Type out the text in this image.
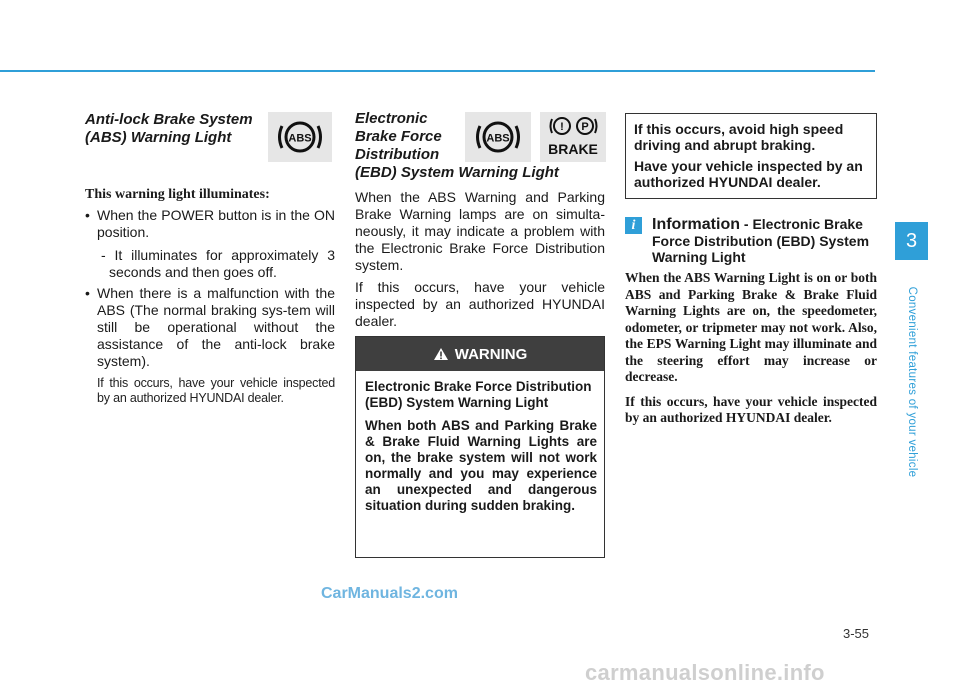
Anti-lock Brake System
(ABS) Warning Light

This warning light illuminates:

• When the POWER button is in the ON position.

- It illuminates for approximately 3 seconds and then goes off.

• When there is a malfunction with the ABS (The normal braking sys-tem will still be operational without the assistance of the anti-lock brake system).

If this occurs, have your vehicle inspected by an authorized HYUNDAI dealer.

ABS

Electronic
Brake Force
Distribution
(EBD) System Warning Light

When the ABS Warning and Parking Brake Warning lamps are on simulta-neously, it may indicate a problem with the Electronic Brake Force Distribution system.

If this occurs, have your vehicle inspected by an authorized HYUNDAI dealer.

ABS
! P
BRAKE
WARNING

Electronic Brake Force Distribution (EBD) System Warning Light

When both ABS and Parking Brake & Brake Fluid Warning Lights are on, the brake system will not work normally and you may experience an unexpected and dangerous situation during sudden braking.

If this occurs, avoid high speed driving and abrupt braking.

Have your vehicle inspected by an authorized HYUNDAI dealer.

i	Information - Electronic Brake Force Distribution (EBD) System Warning Light

When the ABS Warning Light is on or both ABS and Parking Brake & Brake Fluid Warning Lights are on, the speedometer, odometer, or tripmeter may not work. Also, the EPS Warning Light may illuminate and the steering effort may increase or decrease.

If this occurs, have your vehicle inspected by an authorized HYUNDAI dealer.

3
Convenient features of your vehicle
3-55
CarManuals2.com
carmanualsonline.info
